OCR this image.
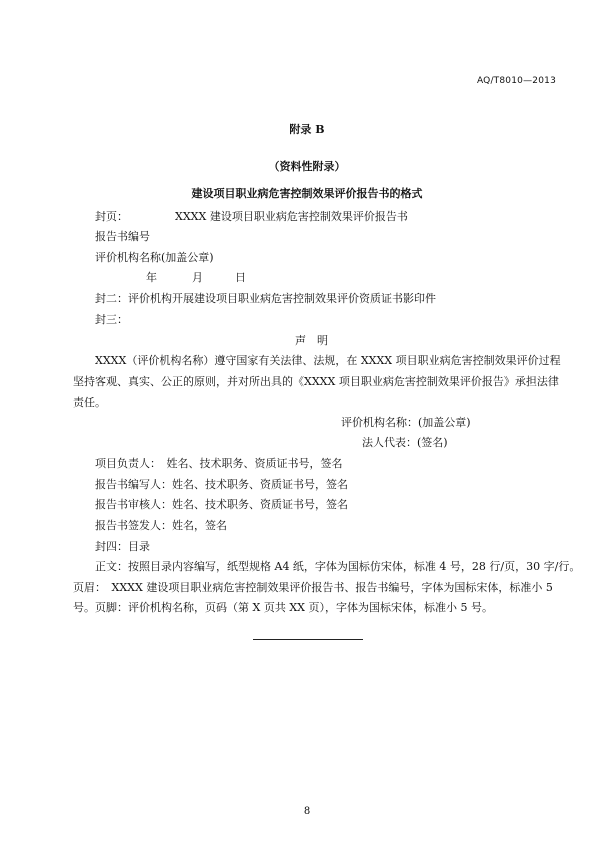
AQ/T8010—2013
附录 B
（资料性附录）
建设项目职业病危害控制效果评价报告书的格式
封页：	XXXX 建设项目职业病危害控制效果评价报告书
报告书编号
评价机构名称(加盖公章)
年	月	日
封二：评价机构开展建设项目职业病危害控制效果评价资质证书影印件
封三：
声　明
XXXX（评价机构名称）遵守国家有关法律、法规，在 XXXX 项目职业病危害控制效果评价过程
坚持客观、真实、公正的原则，并对所出具的《XXXX 项目职业病危害控制效果评价报告》承担法律
责任。
评价机构名称：(加盖公章)
法人代表：(签名)
项目负责人：　姓名、技术职务、资质证书号，签名
报告书编写人：姓名、技术职务、资质证书号，签名
报告书审核人：姓名、技术职务、资质证书号，签名
报告书签发人：姓名，签名
封四：目录
正文：按照目录内容编写，纸型规格 A4 纸，字体为国标仿宋体，标准 4 号，28 行/页，30 字/行。
页眉：　XXXX 建设项目职业病危害控制效果评价报告书、报告书编号，字体为国标宋体，标准小 5
号。页脚：评价机构名称，页码（第 X 页共 XX 页），字体为国标宋体，标准小 5 号。
8
